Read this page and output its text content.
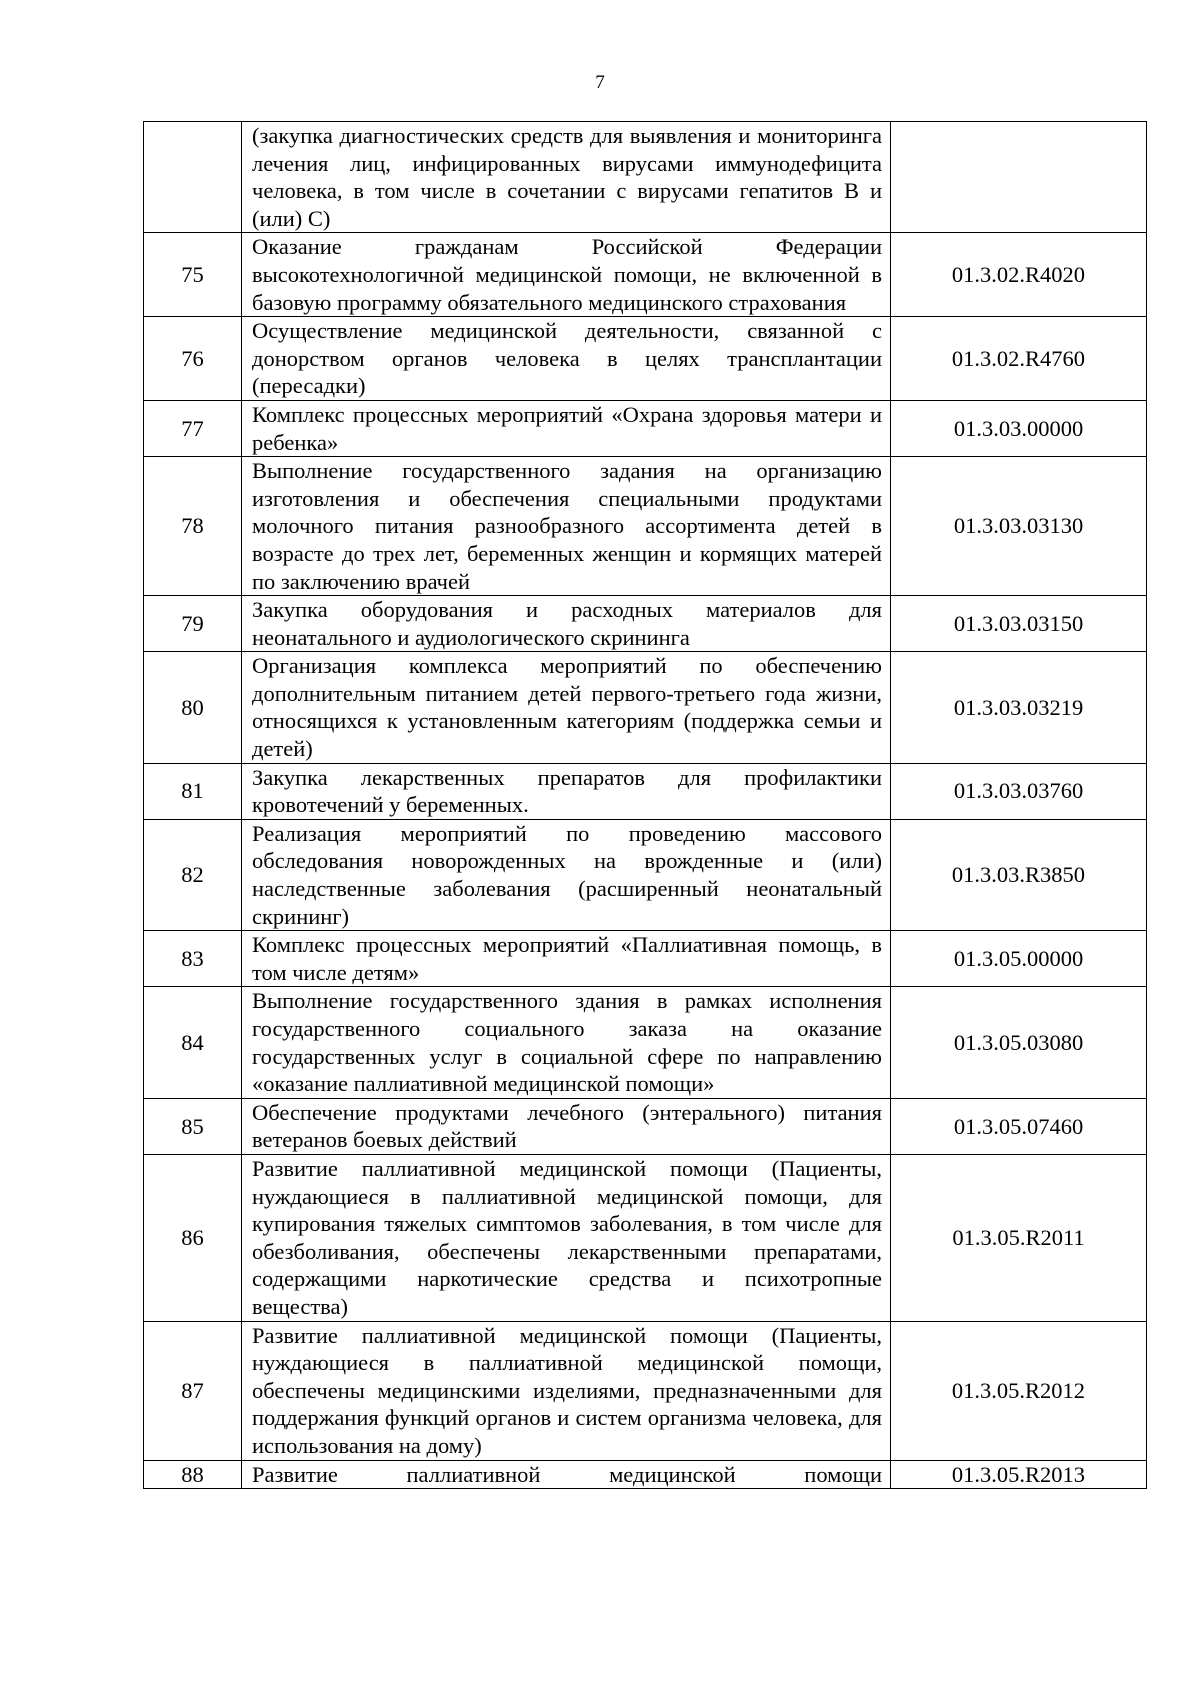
7
	(закупка диагностических средств для выявления и мониторинга лечения лиц, инфицированных вирусами иммунодефицита человека, в том числе в сочетании с вирусами гепатитов В и (или) С)	
75	Оказание гражданам Российской Федерации высокотехнологичной медицинской помощи, не включенной в базовую программу обязательного медицинского страхования	01.3.02.R4020
76	Осуществление медицинской деятельности, связанной с донорством органов человека в целях трансплантации (пересадки)	01.3.02.R4760
77	Комплекс процессных мероприятий «Охрана здоровья матери и ребенка»	01.3.03.00000
78	Выполнение государственного задания на организацию изготовления и обеспечения специальными продуктами молочного питания разнообразного ассортимента детей в возрасте до трех лет, беременных женщин и кормящих матерей по заключению врачей	01.3.03.03130
79	Закупка оборудования и расходных материалов для неонатального и аудиологического скрининга	01.3.03.03150
80	Организация комплекса мероприятий по обеспечению дополнительным питанием детей первого-третьего года жизни, относящихся к установленным категориям (поддержка семьи и детей)	01.3.03.03219
81	Закупка лекарственных препаратов для профилактики кровотечений у беременных.	01.3.03.03760
82	Реализация мероприятий по проведению массового обследования новорожденных на врожденные и (или) наследственные заболевания (расширенный неонатальный скрининг)	01.3.03.R3850
83	Комплекс процессных мероприятий «Паллиативная помощь, в том числе детям»	01.3.05.00000
84	Выполнение государственного здания в рамках исполнения государственного социального заказа на оказание государственных услуг в социальной сфере по направлению «оказание паллиативной медицинской помощи»	01.3.05.03080
85	Обеспечение продуктами лечебного (энтерального) питания ветеранов боевых действий	01.3.05.07460
86	Развитие паллиативной медицинской помощи (Пациенты, нуждающиеся в паллиативной медицинской помощи, для купирования тяжелых симптомов заболевания, в том числе для обезболивания, обеспечены лекарственными препаратами, содержащими наркотические средства и психотропные вещества)	01.3.05.R2011
87	Развитие паллиативной медицинской помощи (Пациенты, нуждающиеся в паллиативной медицинской помощи, обеспечены медицинскими изделиями, предназначенными для поддержания функций органов и систем организма человека, для использования на дому)	01.3.05.R2012
88	Развитие паллиативной медицинской помощи	01.3.05.R2013
